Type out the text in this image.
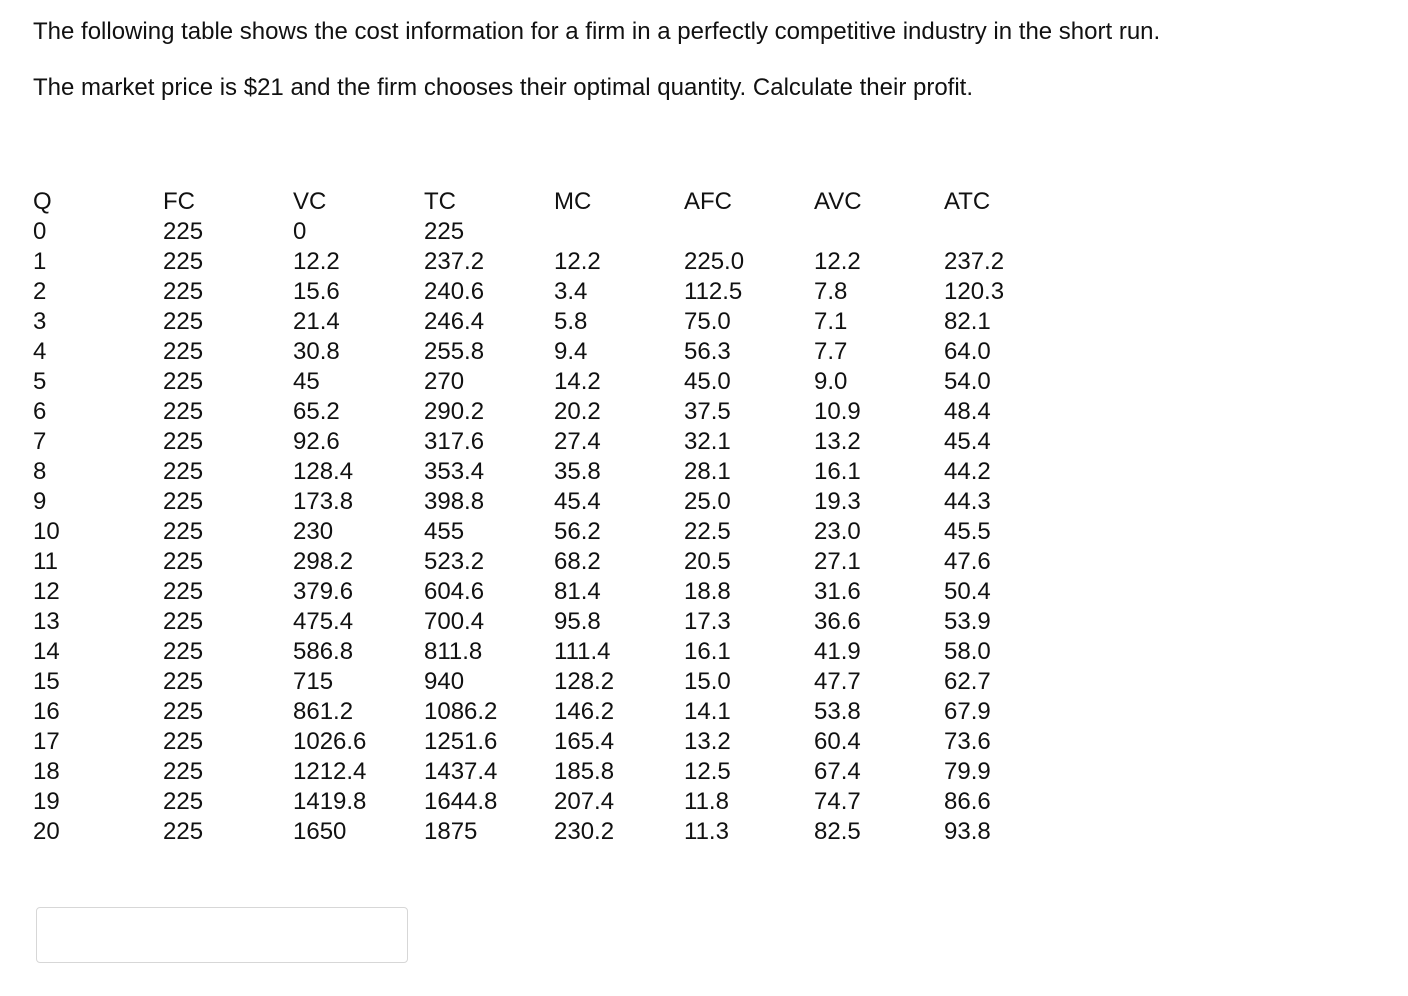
The following table shows the cost information for a firm in a perfectly competitive industry in the short run.

The market price is $21 and the firm chooses their optimal quantity. Calculate their profit.

Q	FC	VC	TC	MC	AFC	AVC	ATC
0	225	0	225				
1	225	12.2	237.2	12.2	225.0	12.2	237.2
2	225	15.6	240.6	3.4	112.5	7.8	120.3
3	225	21.4	246.4	5.8	75.0	7.1	82.1
4	225	30.8	255.8	9.4	56.3	7.7	64.0
5	225	45	270	14.2	45.0	9.0	54.0
6	225	65.2	290.2	20.2	37.5	10.9	48.4
7	225	92.6	317.6	27.4	32.1	13.2	45.4
8	225	128.4	353.4	35.8	28.1	16.1	44.2
9	225	173.8	398.8	45.4	25.0	19.3	44.3
10	225	230	455	56.2	22.5	23.0	45.5
11	225	298.2	523.2	68.2	20.5	27.1	47.6
12	225	379.6	604.6	81.4	18.8	31.6	50.4
13	225	475.4	700.4	95.8	17.3	36.6	53.9
14	225	586.8	811.8	111.4	16.1	41.9	58.0
15	225	715	940	128.2	15.0	47.7	62.7
16	225	861.2	1086.2	146.2	14.1	53.8	67.9
17	225	1026.6	1251.6	165.4	13.2	60.4	73.6
18	225	1212.4	1437.4	185.8	12.5	67.4	79.9
19	225	1419.8	1644.8	207.4	11.8	74.7	86.6
20	225	1650	1875	230.2	11.3	82.5	93.8
